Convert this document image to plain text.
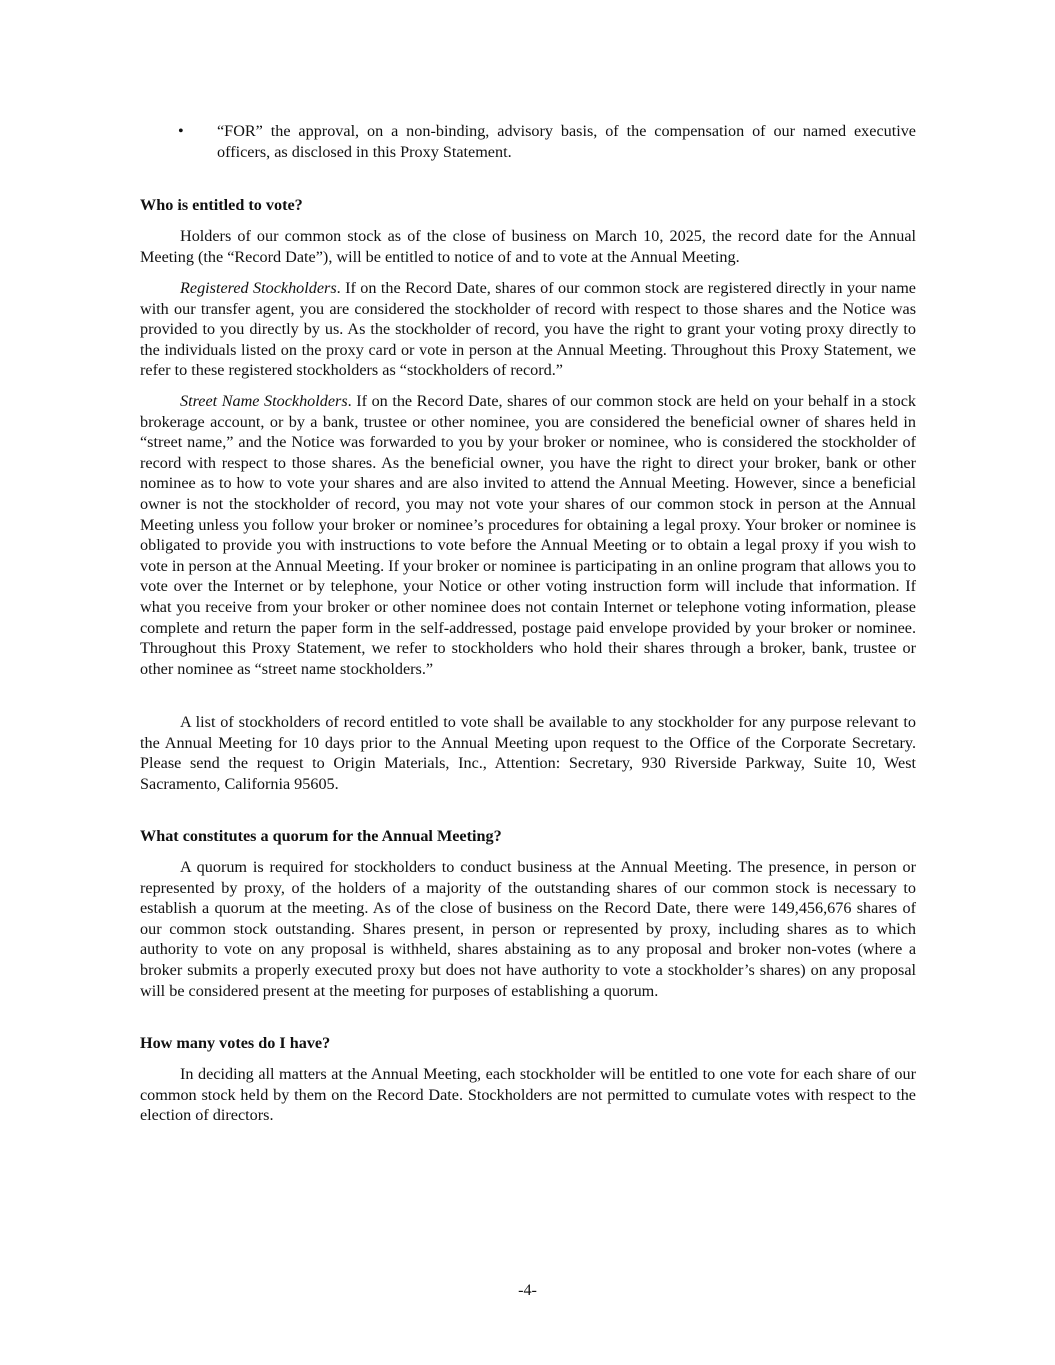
• “FOR” the approval, on a non-binding, advisory basis, of the compensation of our named executive officers, as disclosed in this Proxy Statement.
Who is entitled to vote?

Holders of our common stock as of the close of business on March 10, 2025, the record date for the Annual Meeting (the “Record Date”), will be entitled to notice of and to vote at the Annual Meeting.

Registered Stockholders. If on the Record Date, shares of our common stock are registered directly in your name with our transfer agent, you are considered the stockholder of record with respect to those shares and the Notice was provided to you directly by us. As the stockholder of record, you have the right to grant your voting proxy directly to the individuals listed on the proxy card or vote in person at the Annual Meeting. Throughout this Proxy Statement, we refer to these registered stockholders as “stockholders of record.”

Street Name Stockholders. If on the Record Date, shares of our common stock are held on your behalf in a stock brokerage account, or by a bank, trustee or other nominee, you are considered the beneficial owner of shares held in “street name,” and the Notice was forwarded to you by your broker or nominee, who is considered the stockholder of record with respect to those shares. As the beneficial owner, you have the right to direct your broker, bank or other nominee as to how to vote your shares and are also invited to attend the Annual Meeting. However, since a beneficial owner is not the stockholder of record, you may not vote your shares of our common stock in person at the Annual Meeting unless you follow your broker or nominee’s procedures for obtaining a legal proxy. Your broker or nominee is obligated to provide you with instructions to vote before the Annual Meeting or to obtain a legal proxy if you wish to vote in person at the Annual Meeting. If your broker or nominee is participating in an online program that allows you to vote over the Internet or by telephone, your Notice or other voting instruction form will include that information. If what you receive from your broker or other nominee does not contain Internet or telephone voting information, please complete and return the paper form in the self-addressed, postage paid envelope provided by your broker or nominee. Throughout this Proxy Statement, we refer to stockholders who hold their shares through a broker, bank, trustee or other nominee as “street name stockholders.”

A list of stockholders of record entitled to vote shall be available to any stockholder for any purpose relevant to the Annual Meeting for 10 days prior to the Annual Meeting upon request to the Office of the Corporate Secretary. Please send the request to Origin Materials, Inc., Attention: Secretary, 930 Riverside Parkway, Suite 10, West Sacramento, California 95605.

What constitutes a quorum for the Annual Meeting?

A quorum is required for stockholders to conduct business at the Annual Meeting. The presence, in person or represented by proxy, of the holders of a majority of the outstanding shares of our common stock is necessary to establish a quorum at the meeting. As of the close of business on the Record Date, there were 149,456,676 shares of our common stock outstanding. Shares present, in person or represented by proxy, including shares as to which authority to vote on any proposal is withheld, shares abstaining as to any proposal and broker non-votes (where a broker submits a properly executed proxy but does not have authority to vote a stockholder’s shares) on any proposal will be considered present at the meeting for purposes of establishing a quorum.

How many votes do I have?

In deciding all matters at the Annual Meeting, each stockholder will be entitled to one vote for each share of our common stock held by them on the Record Date. Stockholders are not permitted to cumulate votes with respect to the election of directors.

-4-
